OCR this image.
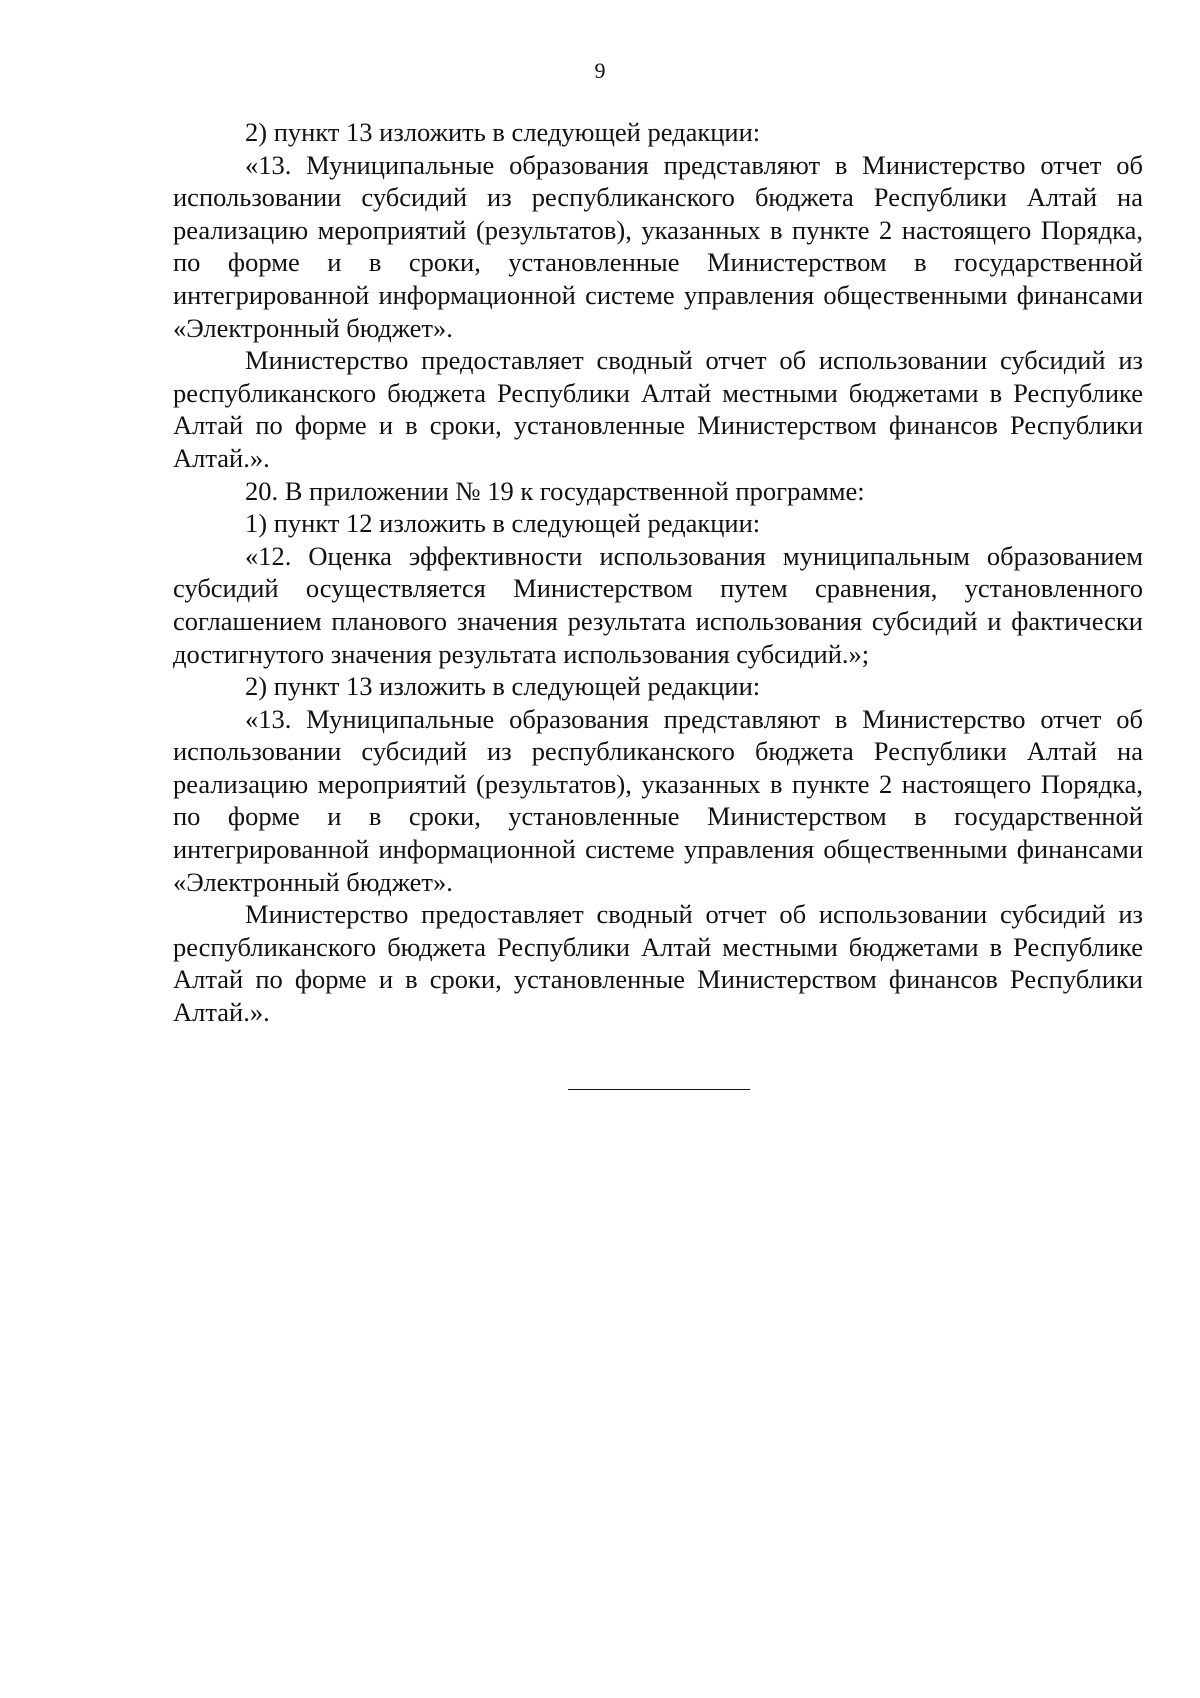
9

2) пункт 13 изложить в следующей редакции:

«13. Муниципальные образования представляют в Министерство отчет об использовании субсидий из республиканского бюджета Республики Алтай на реализацию мероприятий (результатов), указанных в пункте 2 настоящего Порядка, по форме и в сроки, установленные Министерством в государственной интегрированной информационной системе управления общественными финансами «Электронный бюджет».

Министерство предоставляет сводный отчет об использовании субсидий из республиканского бюджета Республики Алтай местными бюджетами в Республике Алтай по форме и в сроки, установленные Министерством финансов Республики Алтай.».

20. В приложении № 19 к государственной программе:

1) пункт 12 изложить в следующей редакции:

«12. Оценка эффективности использования муниципальным образованием субсидий осуществляется Министерством путем сравнения, установленного соглашением планового значения результата использования субсидий и фактически достигнутого значения результата использования субсидий.»;

2) пункт 13 изложить в следующей редакции:

«13. Муниципальные образования представляют в Министерство отчет об использовании субсидий из республиканского бюджета Республики Алтай на реализацию мероприятий (результатов), указанных в пункте 2 настоящего Порядка, по форме и в сроки, установленные Министерством в государственной интегрированной информационной системе управления общественными финансами «Электронный бюджет».

Министерство предоставляет сводный отчет об использовании субсидий из республиканского бюджета Республики Алтай местными бюджетами в Республике Алтай по форме и в сроки, установленные Министерством финансов Республики Алтай.».
